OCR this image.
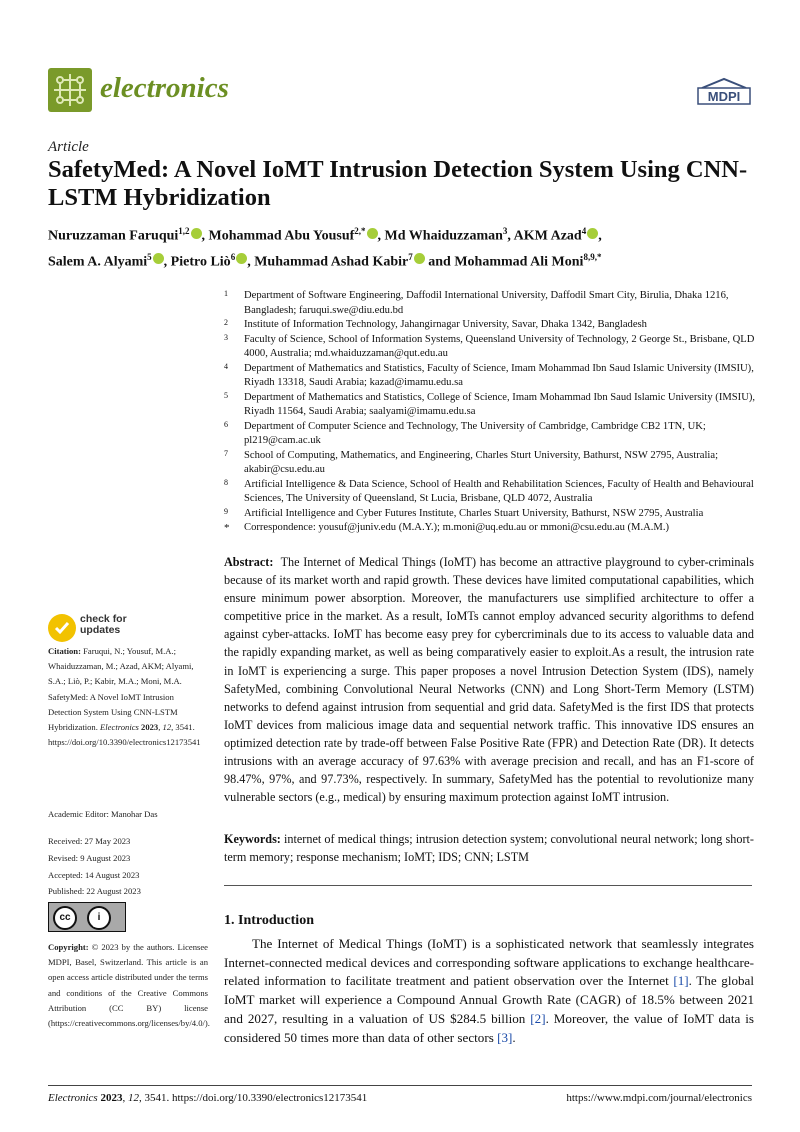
electronics	MDPI
Article
SafetyMed: A Novel IoMT Intrusion Detection System Using CNN-LSTM Hybridization
Nuruzzaman Faruqui$^{1,2}$ , Mohammad Abu Yousuf$^{2,*}$ , Md Whaiduzzaman$^3$, AKM Azad$^4$ ,
Salem A. Alyami$^5$ , Pietro Liò$^6$ , Muhammad Ashad Kabir$^7$ and Mohammad Ali Moni$^{8,9,*}$

1 Department of Software Engineering, Daffodil International University, Daffodil Smart City, Birulia, Dhaka 1216, Bangladesh; faruqui.swe@diu.edu.bd

2 Institute of Information Technology, Jahangirnagar University, Savar, Dhaka 1342, Bangladesh

3 Faculty of Science, School of Information Systems, Queensland University of Technology, 2 George St., Brisbane, QLD 4000, Australia; md.whaiduzzaman@qut.edu.au

4 Department of Mathematics and Statistics, Faculty of Science, Imam Mohammad Ibn Saud Islamic University (IMSIU), Riyadh 13318, Saudi Arabia; kazad@imamu.edu.sa

5 Department of Mathematics and Statistics, College of Science, Imam Mohammad Ibn Saud Islamic University (IMSIU), Riyadh 11564, Saudi Arabia; saalyami@imamu.edu.sa

6 Department of Computer Science and Technology, The University of Cambridge, Cambridge CB2 1TN, UK; pl219@cam.ac.uk

7 School of Computing, Mathematics, and Engineering, Charles Sturt University, Bathurst, NSW 2795, Australia; akabir@csu.edu.au

8 Artificial Intelligence & Data Science, School of Health and Rehabilitation Sciences, Faculty of Health and Behavioural Sciences, The University of Queensland, St Lucia, Brisbane, QLD 4072, Australia

9 Artificial Intelligence and Cyber Futures Institute, Charles Stuart University, Bathurst, NSW 2795, Australia

* Correspondence: yousuf@juniv.edu (M.A.Y.); m.moni@uq.edu.au or mmoni@csu.edu.au (M.A.M.)

Abstract: The Internet of Medical Things (IoMT) has become an attractive playground to cyber-criminals because of its market worth and rapid growth. These devices have limited computational capabilities, which ensure minimum power absorption. Moreover, the manufacturers use simplified architecture to offer a competitive price in the market. As a result, IoMTs cannot employ advanced security algorithms to defend against cyber-attacks. IoMT has become easy prey for cybercriminals due to its access to valuable data and the rapidly expanding market, as well as being comparatively easier to exploit.As a result, the intrusion rate in IoMT is experiencing a surge. This paper proposes a novel Intrusion Detection System (IDS), namely SafetyMed, combining Convolutional Neural Networks (CNN) and Long Short-Term Memory (LSTM) networks to defend against intrusion from sequential and grid data. SafetyMed is the first IDS that protects IoMT devices from malicious image data and sequential network traffic. This innovative IDS ensures an optimized detection rate by trade-off between False Positive Rate (FPR) and Detection Rate (DR). It detects intrusions with an average accuracy of 97.63% with average precision and recall, and has an F1-score of 98.47%, 97%, and 97.73%, respectively. In summary, SafetyMed has the potential to revolutionize many vulnerable sectors (e.g., medical) by ensuring maximum protection against IoMT intrusion.
Keywords: internet of medical things; intrusion detection system; convolutional neural network; long short-term memory; response mechanism; IoMT; IDS; CNN; LSTM
check for
updates
Citation: Faruqui, N.; Yousuf, M.A.; Whaiduzzaman, M.; Azad, AKM; Alyami, S.A.; Liò, P.; Kabir, M.A.; Moni, M.A. SafetyMed: A Novel IoMT Intrusion Detection System Using CNN-LSTM Hybridization. Electronics 2023, 12, 3541. https://doi.org/10.3390/electronics12173541
Academic Editor: Manohar Das
Received: 27 May 2023
Revised: 9 August 2023
Accepted: 14 August 2023
Published: 22 August 2023
cc	i
BY
Copyright: © 2023 by the authors. Licensee MDPI, Basel, Switzerland. This article is an open access article distributed under the terms and conditions of the Creative Commons Attribution (CC BY) license (https://creativecommons.org/licenses/by/4.0/).
1. Introduction

The Internet of Medical Things (IoMT) is a sophisticated network that seamlessly integrates Internet-connected medical devices and corresponding software applications to exchange healthcare-related information to facilitate treatment and patient observation over the Internet [1]. The global IoMT market will experience a Compound Annual Growth Rate (CAGR) of 18.5% between 2021 and 2027, resulting in a valuation of US $284.5 billion [2]. Moreover, the value of IoMT data is considered 50 times more than data of other sectors [3].

Electronics 2023, 12, 3541. https://doi.org/10.3390/electronics12173541	https://www.mdpi.com/journal/electronics
